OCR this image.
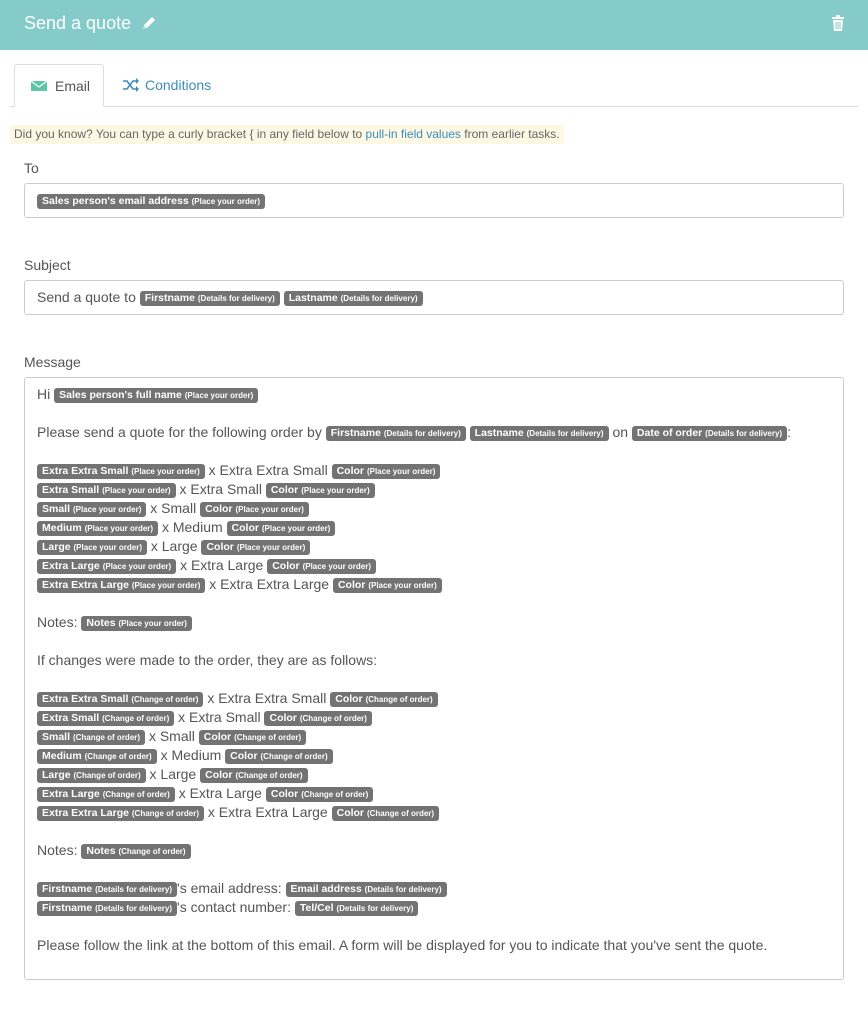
Send a quote
Email	Conditions
Did you know? You can type a curly bracket { in any field below to pull-in field values from earlier tasks.
To
Sales person's email address (Place your order)
Subject
Send a quote to Firstname (Details for delivery) Lastname (Details for delivery)
Message
Hi Sales person's full name (Place your order)
Please send a quote for the following order by Firstname (Details for delivery) Lastname (Details for delivery) on Date of order (Details for delivery) :
Extra Extra Small (Place your order) x Extra Extra Small Color (Place your order)
Extra Small (Place your order) x Extra Small Color (Place your order)
Small (Place your order) x Small Color (Place your order)
Medium (Place your order) x Medium Color (Place your order)
Large (Place your order) x Large Color (Place your order)
Extra Large (Place your order) x Extra Large Color (Place your order)
Extra Extra Large (Place your order) x Extra Extra Large Color (Place your order)
Notes: Notes (Place your order)
If changes were made to the order, they are as follows:
Extra Extra Small (Change of order) x Extra Extra Small Color (Change of order)
Extra Small (Change of order) x Extra Small Color (Change of order)
Small (Change of order) x Small Color (Change of order)
Medium (Change of order) x Medium Color (Change of order)
Large (Change of order) x Large Color (Change of order)
Extra Large (Change of order) x Extra Large Color (Change of order)
Extra Extra Large (Change of order) x Extra Extra Large Color (Change of order)
Notes: Notes (Change of order)
Firstname (Details for delivery) 's email address: Email address (Details for delivery)
Firstname (Details for delivery) 's contact number: Tel/Cel (Details for delivery)
Please follow the link at the bottom of this email. A form will be displayed for you to indicate that you've sent the quote.
